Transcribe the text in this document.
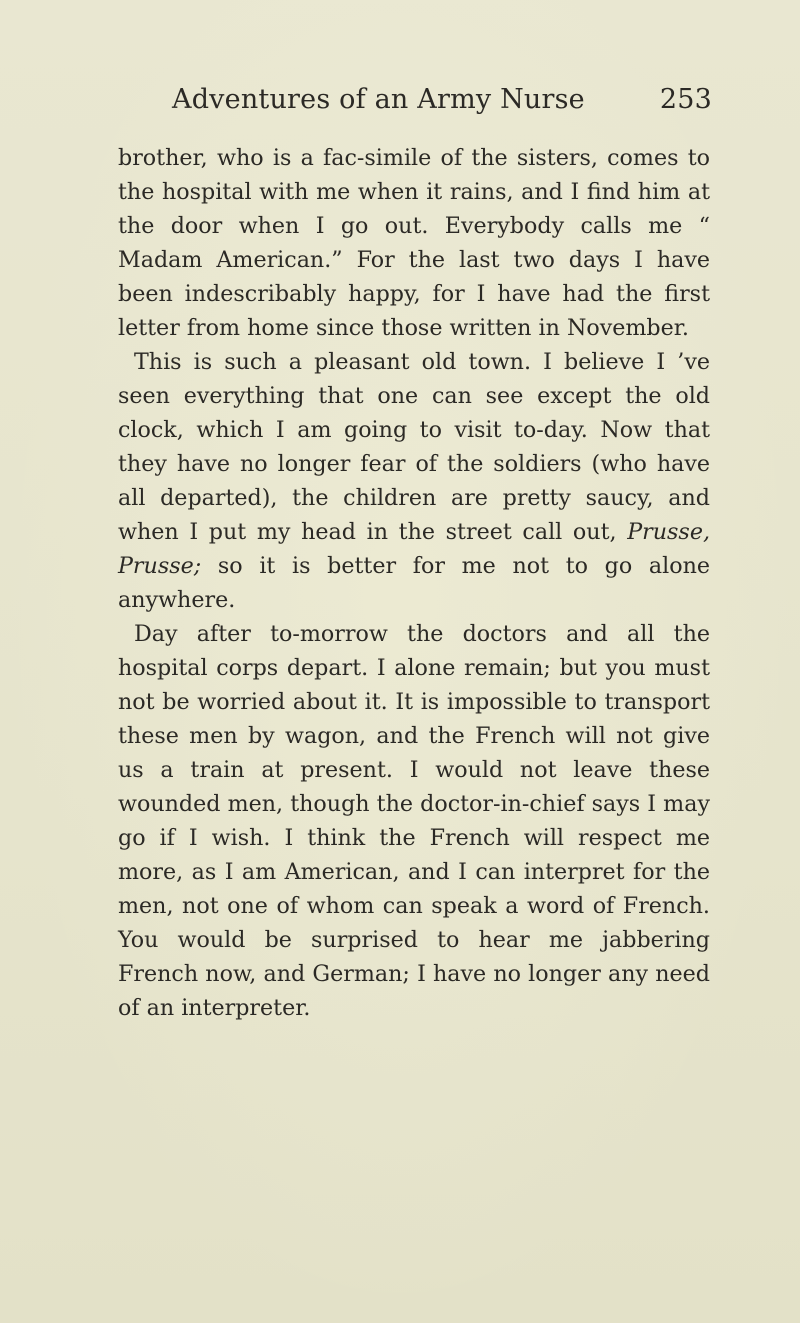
Adventures of an Army Nurse	253

brother, who is a fac-simile of the sisters, comes to the hospital with me when it rains, and I find him at the door when I go out. Everybody calls me “ Madam American.” For the last two days I have been indescribably happy, for I have had the first letter from home since those written in November.

This is such a pleasant old town. I believe I ’ve seen everything that one can see except the old clock, which I am going to visit to-day. Now that they have no longer fear of the soldiers (who have all departed), the children are pretty saucy, and when I put my head in the street call out, Prusse, Prusse; so it is better for me not to go alone anywhere.

Day after to-morrow the doctors and all the hospital corps depart. I alone remain; but you must not be worried about it. It is impossible to transport these men by wagon, and the French will not give us a train at present. I would not leave these wounded men, though the doctor-in-chief says I may go if I wish. I think the French will respect me more, as I am American, and I can interpret for the men, not one of whom can speak a word of French. You would be surprised to hear me jabbering French now, and German; I have no longer any need of an interpreter.
